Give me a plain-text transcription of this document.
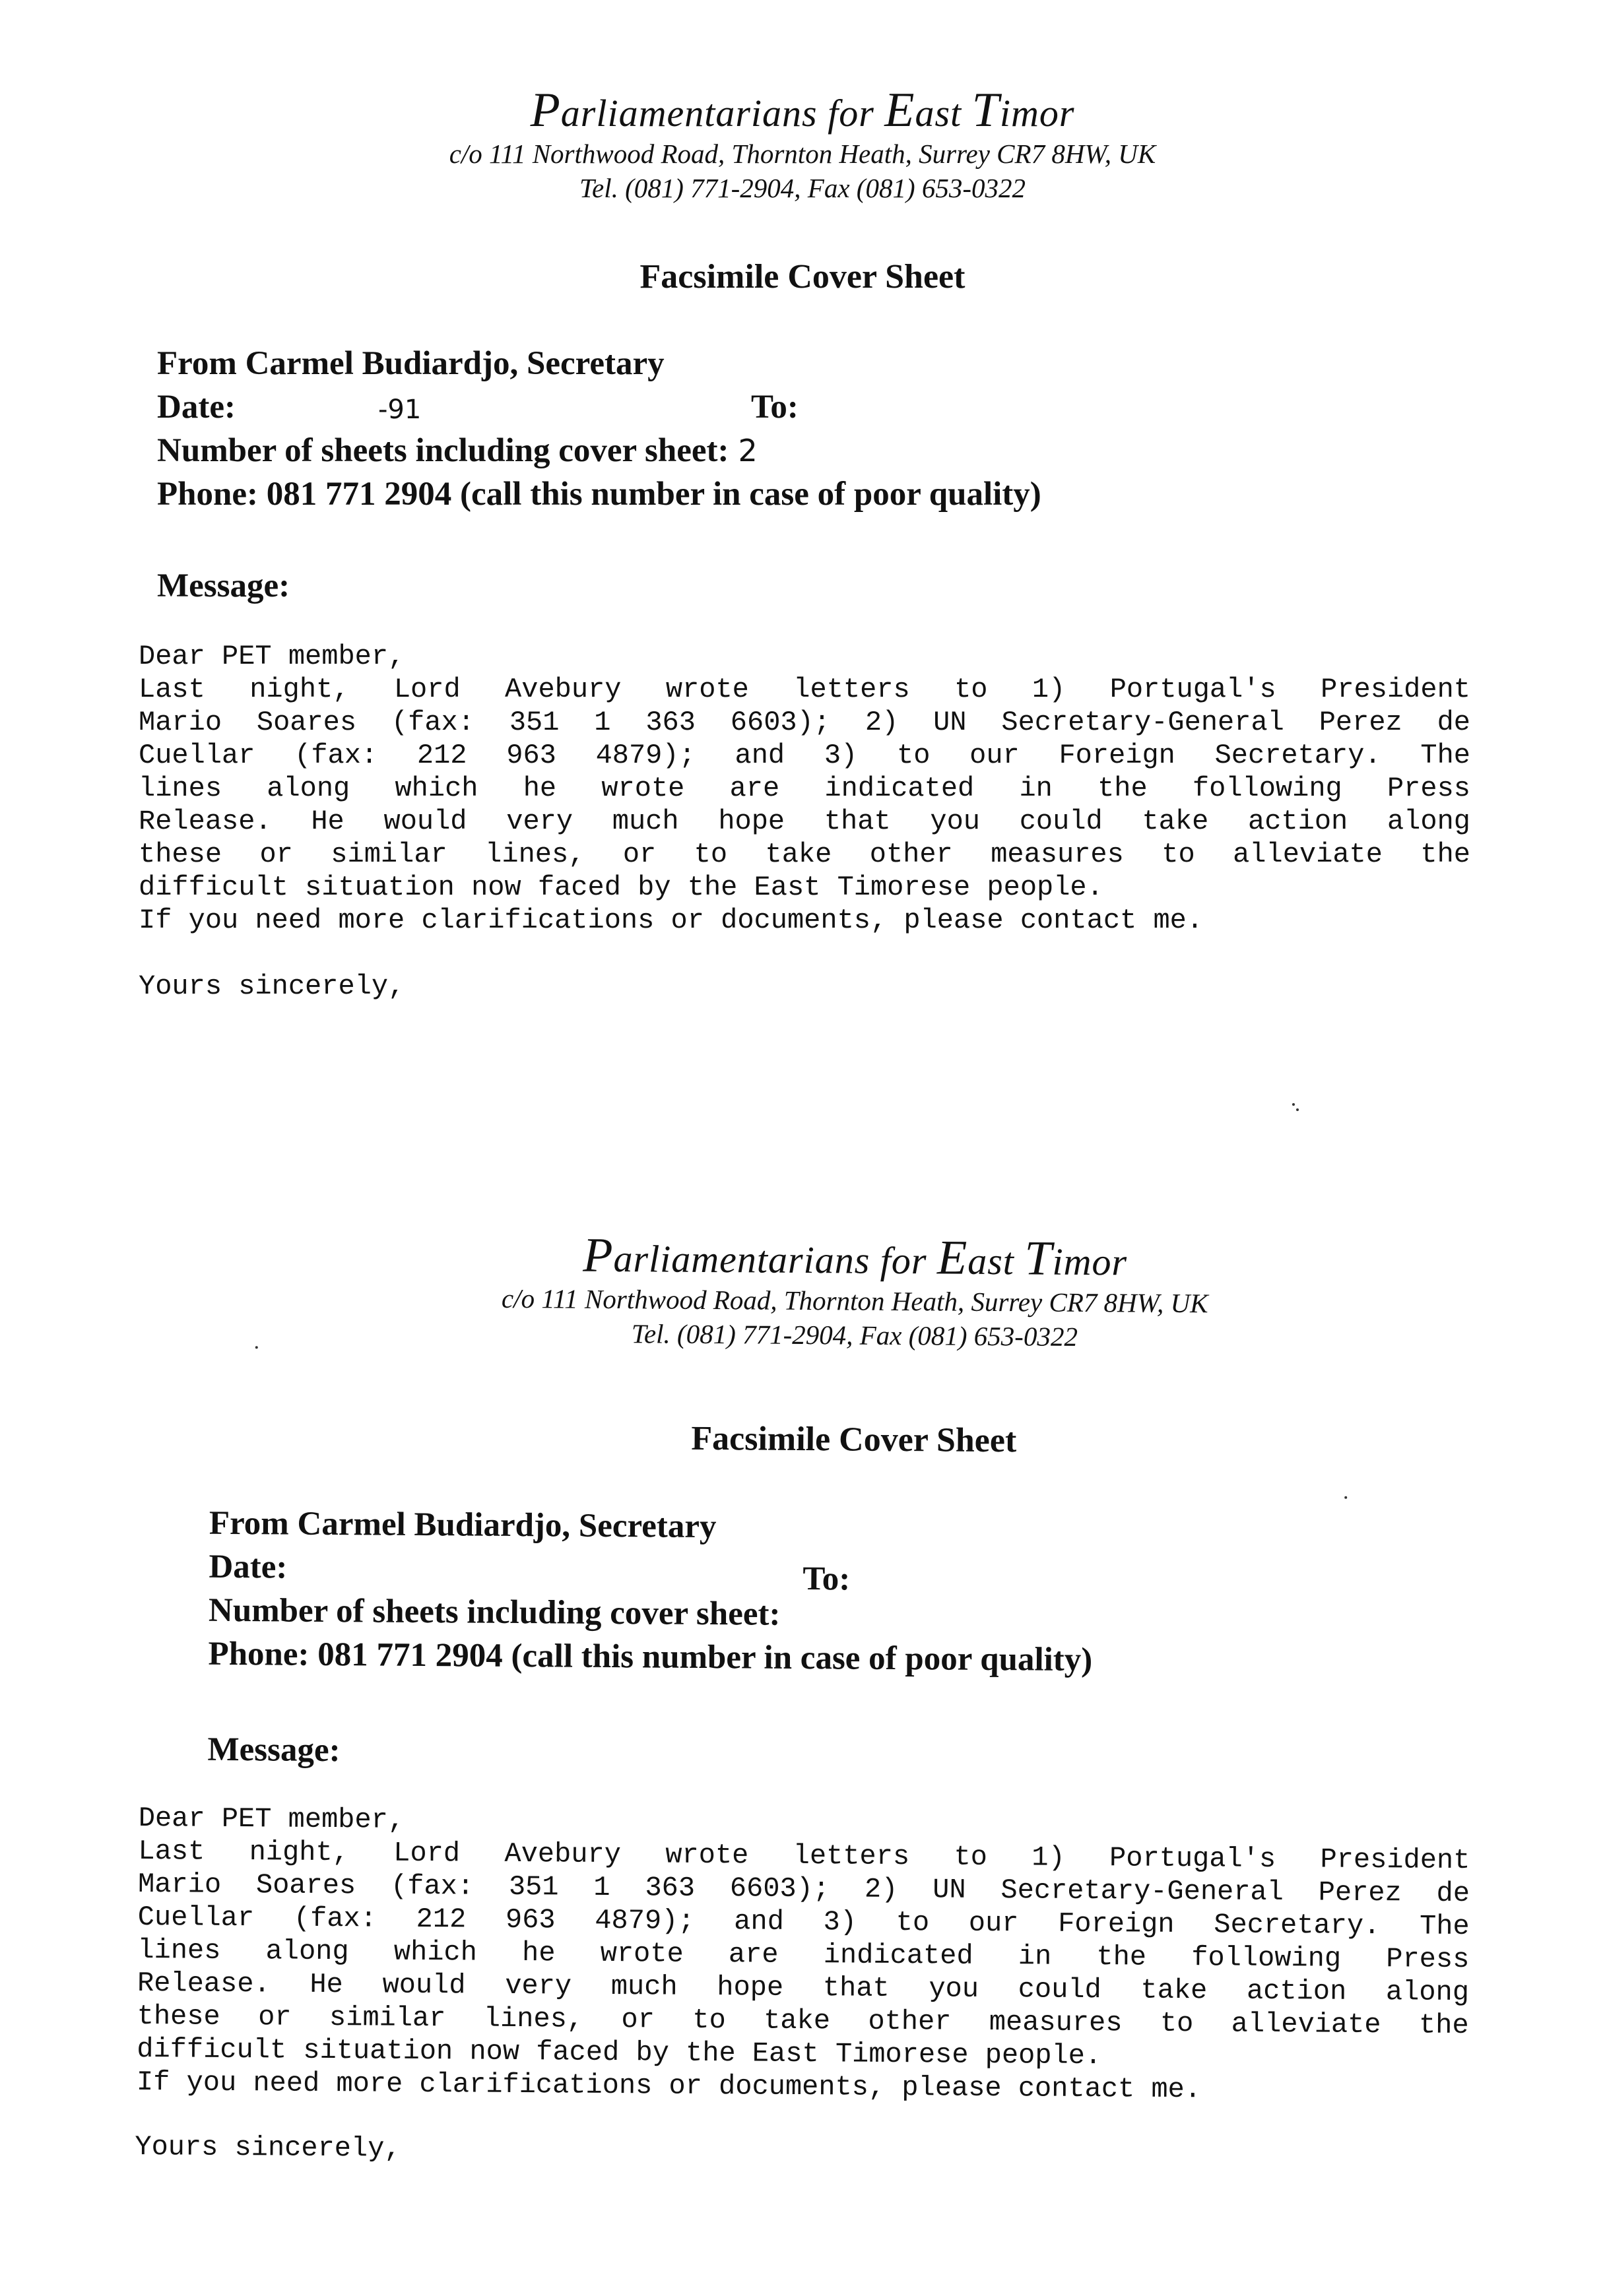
Parliamentarians for East Timor

c/o 111 Northwood Road, Thornton Heath, Surrey CR7 8HW, UK

Tel. (081) 771-2904, Fax (081) 653-0322

Facsimile Cover Sheet

From Carmel Budiardjo, Secretary
Date:	-91	To:
Number of sheets including cover sheet: 2
Phone: 081 771 2904 (call this number in case of poor quality)

Message:

Dear PET member,
Last night, Lord Avebury wrote letters to 1) Portugal's President
Mario Soares (fax: 351 1 363 6603); 2) UN Secretary-General Perez de
Cuellar (fax: 212 963 4879); and 3) to our Foreign Secretary. The
lines along which he wrote are indicated in the following Press
Release. He would very much hope that you could take action along
these or similar lines, or to take other measures to alleviate the
difficult situation now faced by the East Timorese people.
If you need more clarifications or documents, please contact me.

Yours sincerely,

Parliamentarians for East Timor

c/o 111 Northwood Road, Thornton Heath, Surrey CR7 8HW, UK

Tel. (081) 771-2904, Fax (081) 653-0322

Facsimile Cover Sheet

From Carmel Budiardjo, Secretary
Date:	To:
Number of sheets including cover sheet:
Phone: 081 771 2904 (call this number in case of poor quality)

Message:

Dear PET member,
Last night, Lord Avebury wrote letters to 1) Portugal's President
Mario Soares (fax: 351 1 363 6603); 2) UN Secretary-General Perez de
Cuellar (fax: 212 963 4879); and 3) to our Foreign Secretary. The
lines along which he wrote are indicated in the following Press
Release. He would very much hope that you could take action along
these or similar lines, or to take other measures to alleviate the
difficult situation now faced by the East Timorese people.
If you need more clarifications or documents, please contact me.

Yours sincerely,
